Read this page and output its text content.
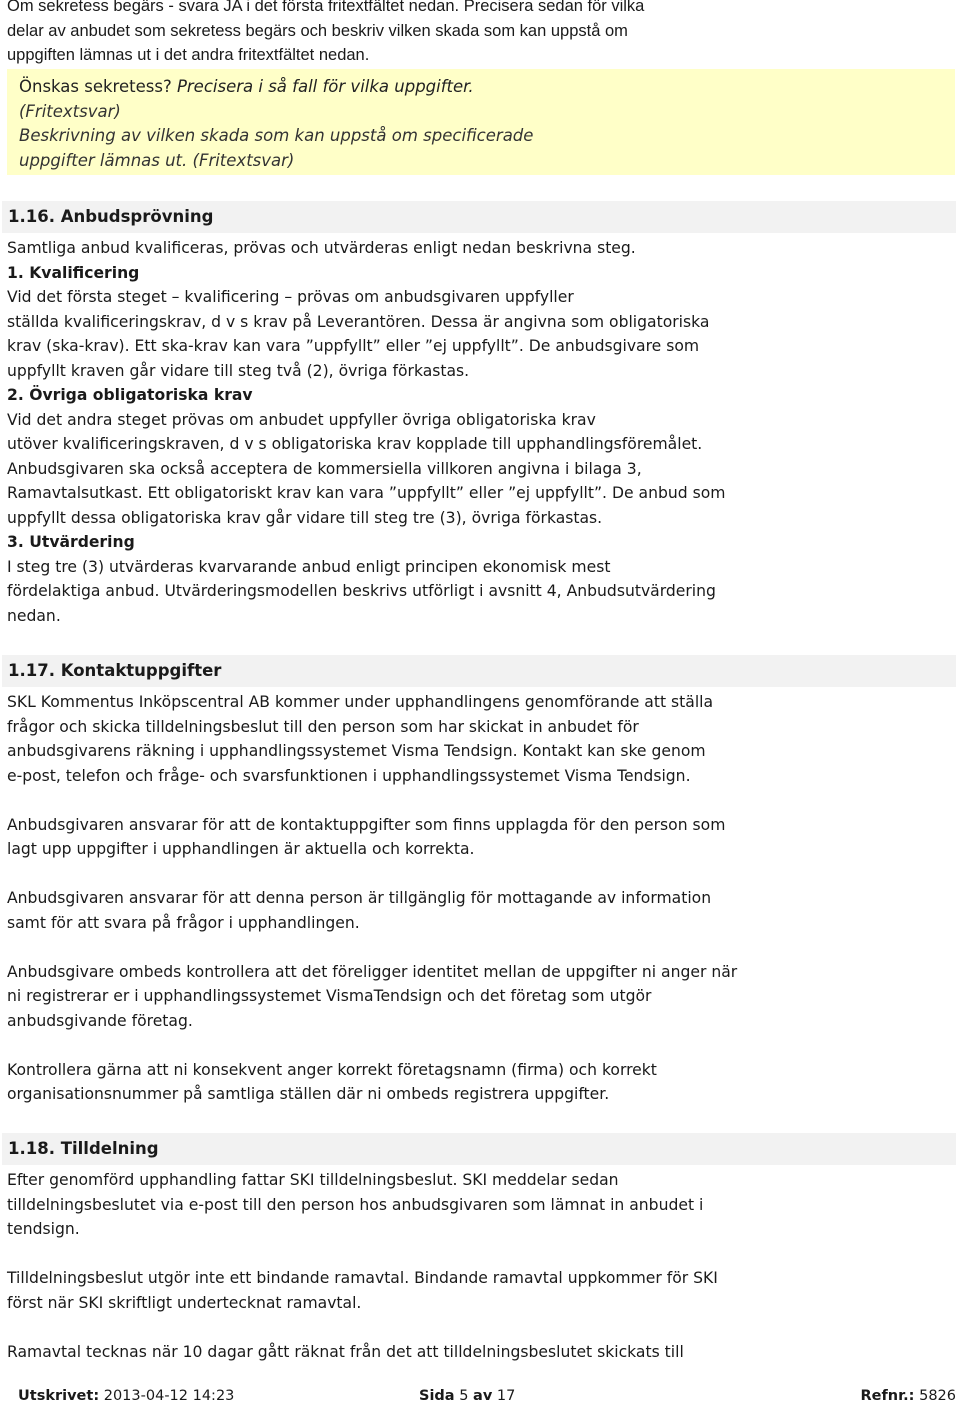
Om sekretess begärs - svara JA i det första fritextfältet nedan. Precisera sedan för vilka

delar av anbudet som sekretess begärs och beskriv vilken skada som kan uppstå om

uppgiften lämnas ut i det andra fritextfältet nedan.

Önskas sekretess? Precisera i så fall för vilka uppgifter.
(Fritextsvar)
Beskrivning av vilken skada som kan uppstå om specificerade
uppgifter lämnas ut. (Fritextsvar)
1.16. Anbudsprövning

Samtliga anbud kvalificeras, prövas och utvärderas enligt nedan beskrivna steg.

1. Kvalificering

Vid det första steget – kvalificering – prövas om anbudsgivaren uppfyller

ställda kvalificeringskrav, d v s krav på Leverantören. Dessa är angivna som obligatoriska

krav (ska-krav). Ett ska-krav kan vara ”uppfyllt” eller ”ej uppfyllt”. De anbudsgivare som

uppfyllt kraven går vidare till steg två (2), övriga förkastas.

2. Övriga obligatoriska krav

Vid det andra steget prövas om anbudet uppfyller övriga obligatoriska krav

utöver kvalificeringskraven, d v s obligatoriska krav kopplade till upphandlingsföremålet.

Anbudsgivaren ska också acceptera de kommersiella villkoren angivna i bilaga 3,

Ramavtalsutkast. Ett obligatoriskt krav kan vara ”uppfyllt” eller ”ej uppfyllt”. De anbud som

uppfyllt dessa obligatoriska krav går vidare till steg tre (3), övriga förkastas.

3. Utvärdering

I steg tre (3) utvärderas kvarvarande anbud enligt principen ekonomisk mest

fördelaktiga anbud. Utvärderingsmodellen beskrivs utförligt i avsnitt 4, Anbudsutvärdering

nedan.

1.17. Kontaktuppgifter

SKL Kommentus Inköpscentral AB kommer under upphandlingens genomförande att ställa

frågor och skicka tilldelningsbeslut till den person som har skickat in anbudet för

anbudsgivarens räkning i upphandlingssystemet Visma Tendsign. Kontakt kan ske genom

e-post, telefon och fråge- och svarsfunktionen i upphandlingssystemet Visma Tendsign.

Anbudsgivaren ansvarar för att de kontaktuppgifter som finns upplagda för den person som

lagt upp uppgifter i upphandlingen är aktuella och korrekta.

Anbudsgivaren ansvarar för att denna person är tillgänglig för mottagande av information

samt för att svara på frågor i upphandlingen.

Anbudsgivare ombeds kontrollera att det föreligger identitet mellan de uppgifter ni anger när

ni registrerar er i upphandlingssystemet VismaTendsign och det företag som utgör

anbudsgivande företag.

Kontrollera gärna att ni konsekvent anger korrekt företagsnamn (firma) och korrekt

organisationsnummer på samtliga ställen där ni ombeds registrera uppgifter.

1.18. Tilldelning

Efter genomförd upphandling fattar SKI tilldelningsbeslut. SKI meddelar sedan

tilldelningsbeslutet via e-post till den person hos anbudsgivaren som lämnat in anbudet i

tendsign.

Tilldelningsbeslut utgör inte ett bindande ramavtal. Bindande ramavtal uppkommer för SKI

först när SKI skriftligt undertecknat ramavtal.

Ramavtal tecknas när 10 dagar gått räknat från det att tilldelningsbeslutet skickats till

Utskrivet: 2013-04-12 14:23	Sida 5 av 17	Refnr.: 5826
